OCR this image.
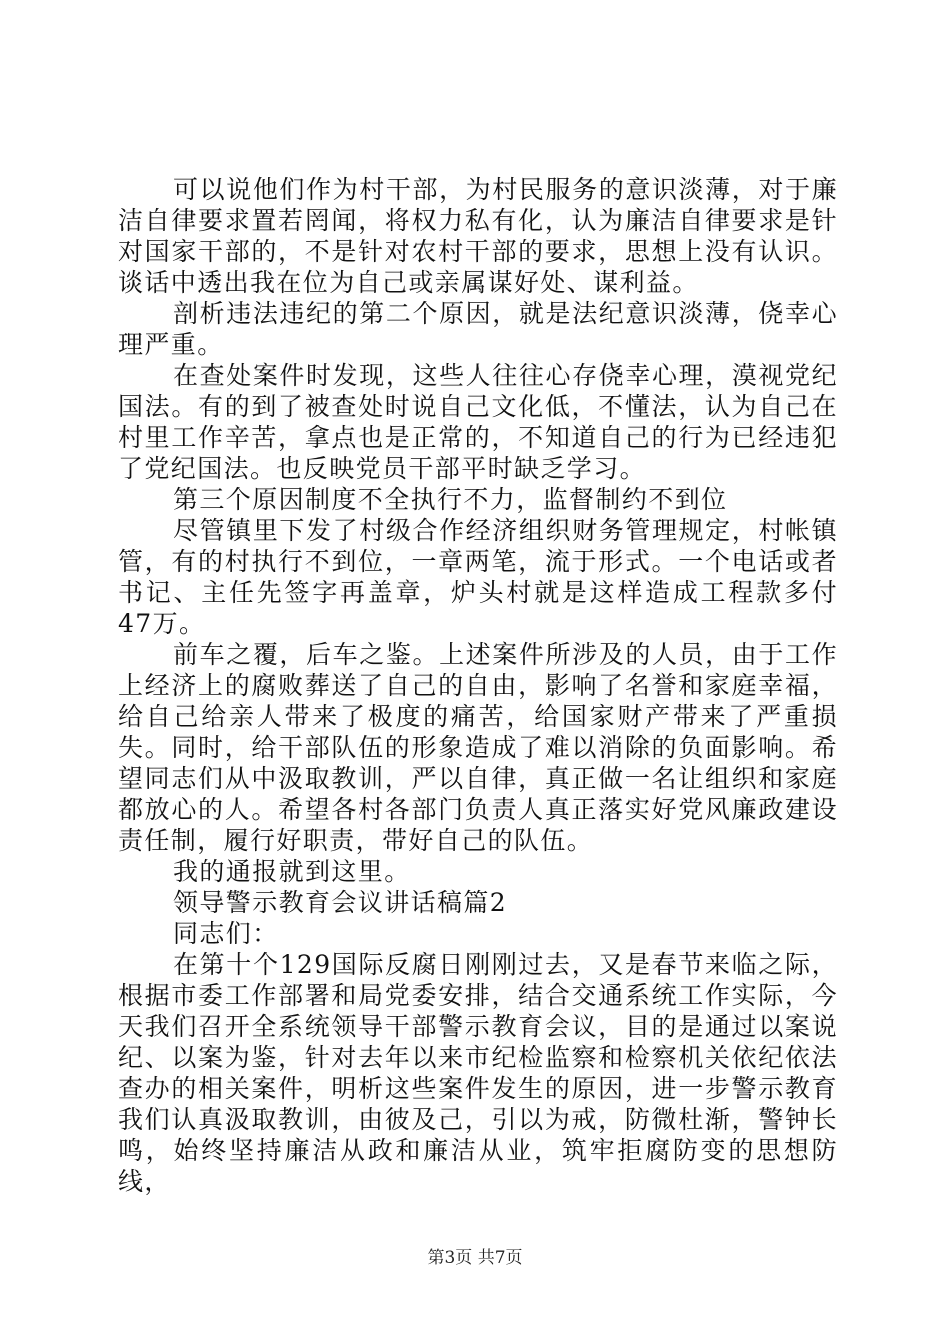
可以说他们作为村干部，为村民服务的意识淡薄，对于廉洁自律要求置若罔闻，将权力私有化，认为廉洁自律要求是针对国家干部的，不是针对农村干部的要求，思想上没有认识。谈话中透出我在位为自己或亲属谋好处、谋利益。

剖析违法违纪的第二个原因，就是法纪意识淡薄，侥幸心理严重。

在查处案件时发现，这些人往往心存侥幸心理，漠视党纪国法。有的到了被查处时说自己文化低，不懂法，认为自己在村里工作辛苦，拿点也是正常的，不知道自己的行为已经违犯了党纪国法。也反映党员干部平时缺乏学习。

第三个原因制度不全执行不力，监督制约不到位

尽管镇里下发了村级合作经济组织财务管理规定，村帐镇管，有的村执行不到位，一章两笔，流于形式。一个电话或者书记、主任先签字再盖章，炉头村就是这样造成工程款多付47万。

前车之覆，后车之鉴。上述案件所涉及的人员，由于工作上经济上的腐败葬送了自己的自由，影响了名誉和家庭幸福，给自己给亲人带来了极度的痛苦，给国家财产带来了严重损失。同时，给干部队伍的形象造成了难以消除的负面影响。希望同志们从中汲取教训，严以自律，真正做一名让组织和家庭都放心的人。希望各村各部门负责人真正落实好党风廉政建设责任制，履行好职责，带好自己的队伍。

我的通报就到这里。

领导警示教育会议讲话稿篇2

同志们：

在第十个129国际反腐日刚刚过去，又是春节来临之际，根据市委工作部署和局党委安排，结合交通系统工作实际，今天我们召开全系统领导干部警示教育会议，目的是通过以案说纪、以案为鉴，针对去年以来市纪检监察和检察机关依纪依法查办的相关案件，明析这些案件发生的原因，进一步警示教育我们认真汲取教训，由彼及己，引以为戒，防微杜渐，警钟长鸣，始终坚持廉洁从政和廉洁从业，筑牢拒腐防变的思想防线，

第3页 共7页
